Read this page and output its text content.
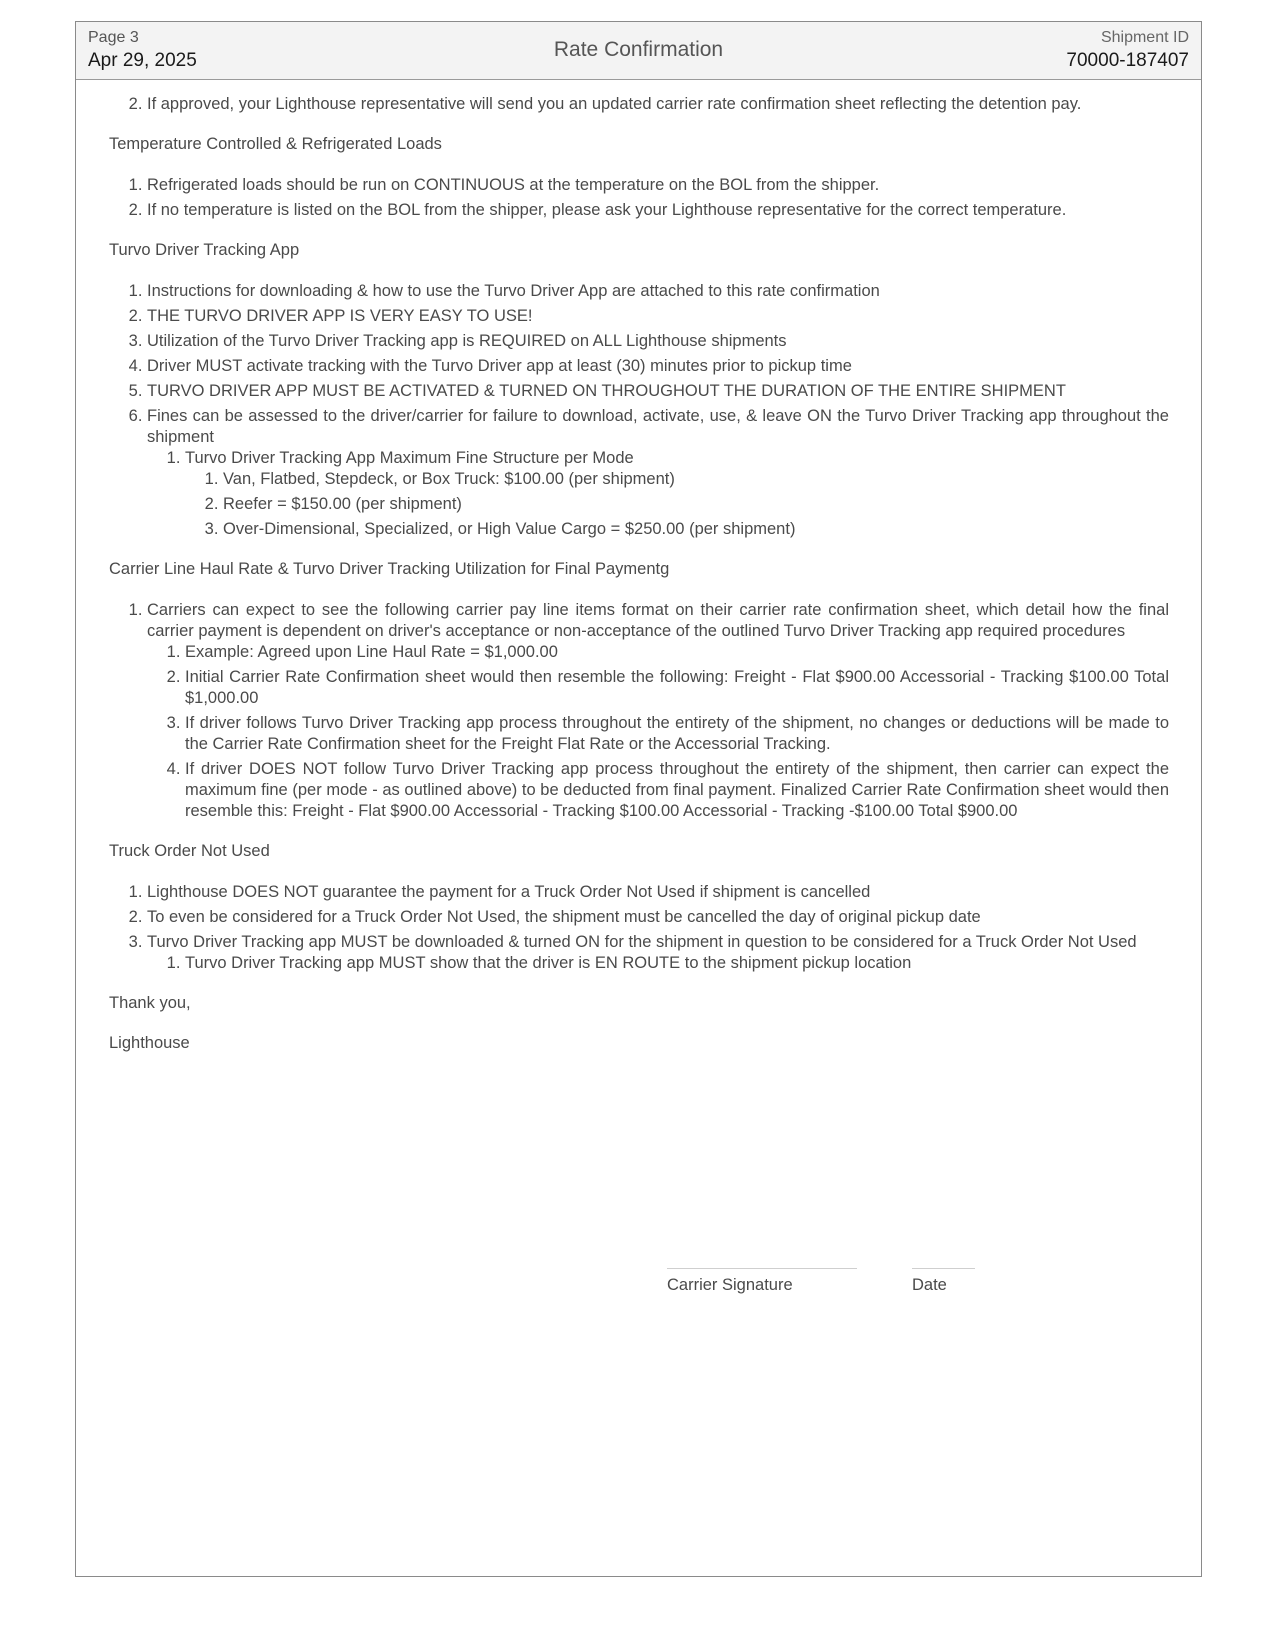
Page 3
Apr 29, 2025	Rate Confirmation
Shipment ID
70000-187407
2. If approved, your Lighthouse representative will send you an updated carrier rate confirmation sheet reflecting the detention pay.
Temperature Controlled & Refrigerated Loads
1. Refrigerated loads should be run on CONTINUOUS at the temperature on the BOL from the shipper.
2. If no temperature is listed on the BOL from the shipper, please ask your Lighthouse representative for the correct temperature.
Turvo Driver Tracking App
1. Instructions for downloading & how to use the Turvo Driver App are attached to this rate confirmation
2. THE TURVO DRIVER APP IS VERY EASY TO USE!
3. Utilization of the Turvo Driver Tracking app is REQUIRED on ALL Lighthouse shipments
4. Driver MUST activate tracking with the Turvo Driver app at least (30) minutes prior to pickup time
5. TURVO DRIVER APP MUST BE ACTIVATED & TURNED ON THROUGHOUT THE DURATION OF THE ENTIRE SHIPMENT
6. Fines can be assessed to the driver/carrier for failure to download, activate, use, & leave ON the Turvo Driver Tracking app throughout the shipment
1. Turvo Driver Tracking App Maximum Fine Structure per Mode
1. Van, Flatbed, Stepdeck, or Box Truck: $100.00 (per shipment)
2. Reefer = $150.00 (per shipment)
3. Over-Dimensional, Specialized, or High Value Cargo = $250.00 (per shipment)
Carrier Line Haul Rate & Turvo Driver Tracking Utilization for Final Paymentg
1. Carriers can expect to see the following carrier pay line items format on their carrier rate confirmation sheet, which detail how the final carrier payment is dependent on driver's acceptance or non-acceptance of the outlined Turvo Driver Tracking app required procedures
1. Example: Agreed upon Line Haul Rate = $1,000.00
2. Initial Carrier Rate Confirmation sheet would then resemble the following: Freight - Flat $900.00 Accessorial - Tracking $100.00 Total $1,000.00
3. If driver follows Turvo Driver Tracking app process throughout the entirety of the shipment, no changes or deductions will be made to the Carrier Rate Confirmation sheet for the Freight Flat Rate or the Accessorial Tracking.
4. If driver DOES NOT follow Turvo Driver Tracking app process throughout the entirety of the shipment, then carrier can expect the maximum fine (per mode - as outlined above) to be deducted from final payment. Finalized Carrier Rate Confirmation sheet would then resemble this: Freight - Flat $900.00 Accessorial - Tracking $100.00 Accessorial - Tracking -$100.00 Total $900.00
Truck Order Not Used
1. Lighthouse DOES NOT guarantee the payment for a Truck Order Not Used if shipment is cancelled
2. To even be considered for a Truck Order Not Used, the shipment must be cancelled the day of original pickup date
3. Turvo Driver Tracking app MUST be downloaded & turned ON for the shipment in question to be considered for a Truck Order Not Used
1. Turvo Driver Tracking app MUST show that the driver is EN ROUTE to the shipment pickup location
Thank you,
Lighthouse
Carrier Signature	Date
